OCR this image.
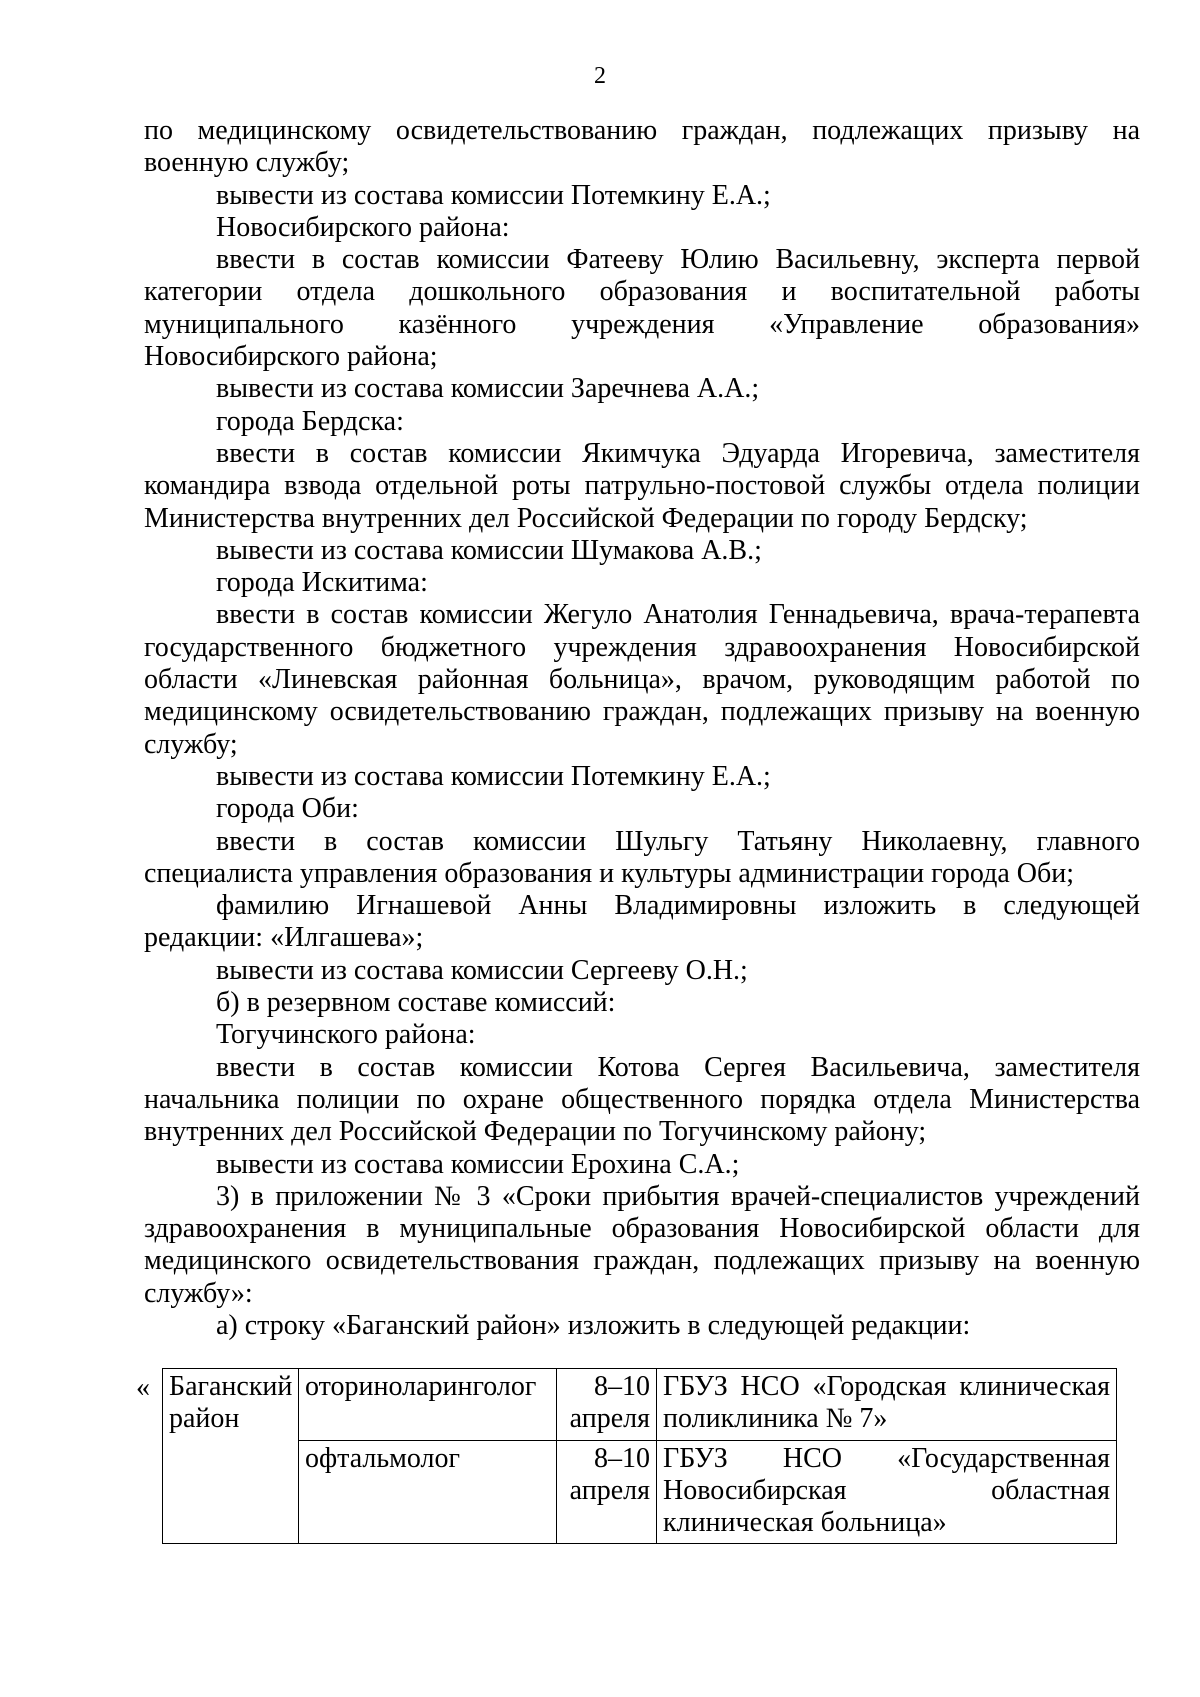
2

по медицинскому освидетельствованию граждан, подлежащих призыву на военную службу;

вывести из состава комиссии Потемкину Е.А.;

Новосибирского района:

ввести в состав комиссии Фатееву Юлию Васильевну, эксперта первой категории отдела дошкольного образования и воспитательной работы муниципального казённого учреждения «Управление образования» Новосибирского района;

вывести из состава комиссии Заречнева А.А.;

города Бердска:

ввести в состав комиссии Якимчука Эдуарда Игоревича, заместителя командира взвода отдельной роты патрульно-постовой службы отдела полиции Министерства внутренних дел Российской Федерации по городу Бердску;

вывести из состава комиссии Шумакова А.В.;

города Искитима:

ввести в состав комиссии Жегуло Анатолия Геннадьевича, врача-терапевта государственного бюджетного учреждения здравоохранения Новосибирской области «Линевская районная больница», врачом, руководящим работой по медицинскому освидетельствованию граждан, подлежащих призыву на военную службу;

вывести из состава комиссии Потемкину Е.А.;

города Оби:

ввести в состав комиссии Шульгу Татьяну Николаевну, главного специалиста управления образования и культуры администрации города Оби;

фамилию Игнашевой Анны Владимировны изложить в следующей редакции: «Илгашева»;

вывести из состава комиссии Сергееву О.Н.;

б) в резервном составе комиссий:

Тогучинского района:

ввести в состав комиссии Котова Сергея Васильевича, заместителя начальника полиции по охране общественного порядка отдела Министерства внутренних дел Российской Федерации по Тогучинскому району;

вывести из состава комиссии Ерохина С.А.;

3) в приложении № 3 «Сроки прибытия врачей-специалистов учреждений здравоохранения в муниципальные образования Новосибирской области для медицинского освидетельствования граждан, подлежащих призыву на военную службу»:

а) строку «Баганский район» изложить в следующей редакции:

« Баганский район	оториноларинголог	8–10 апреля	ГБУЗ НСО «Городская клиническая
поликлиника № 7»

	офтальмолог	8–10 апреля	ГБУЗ НСО «Государственная
Новосибирская областная
клиническая больница»
